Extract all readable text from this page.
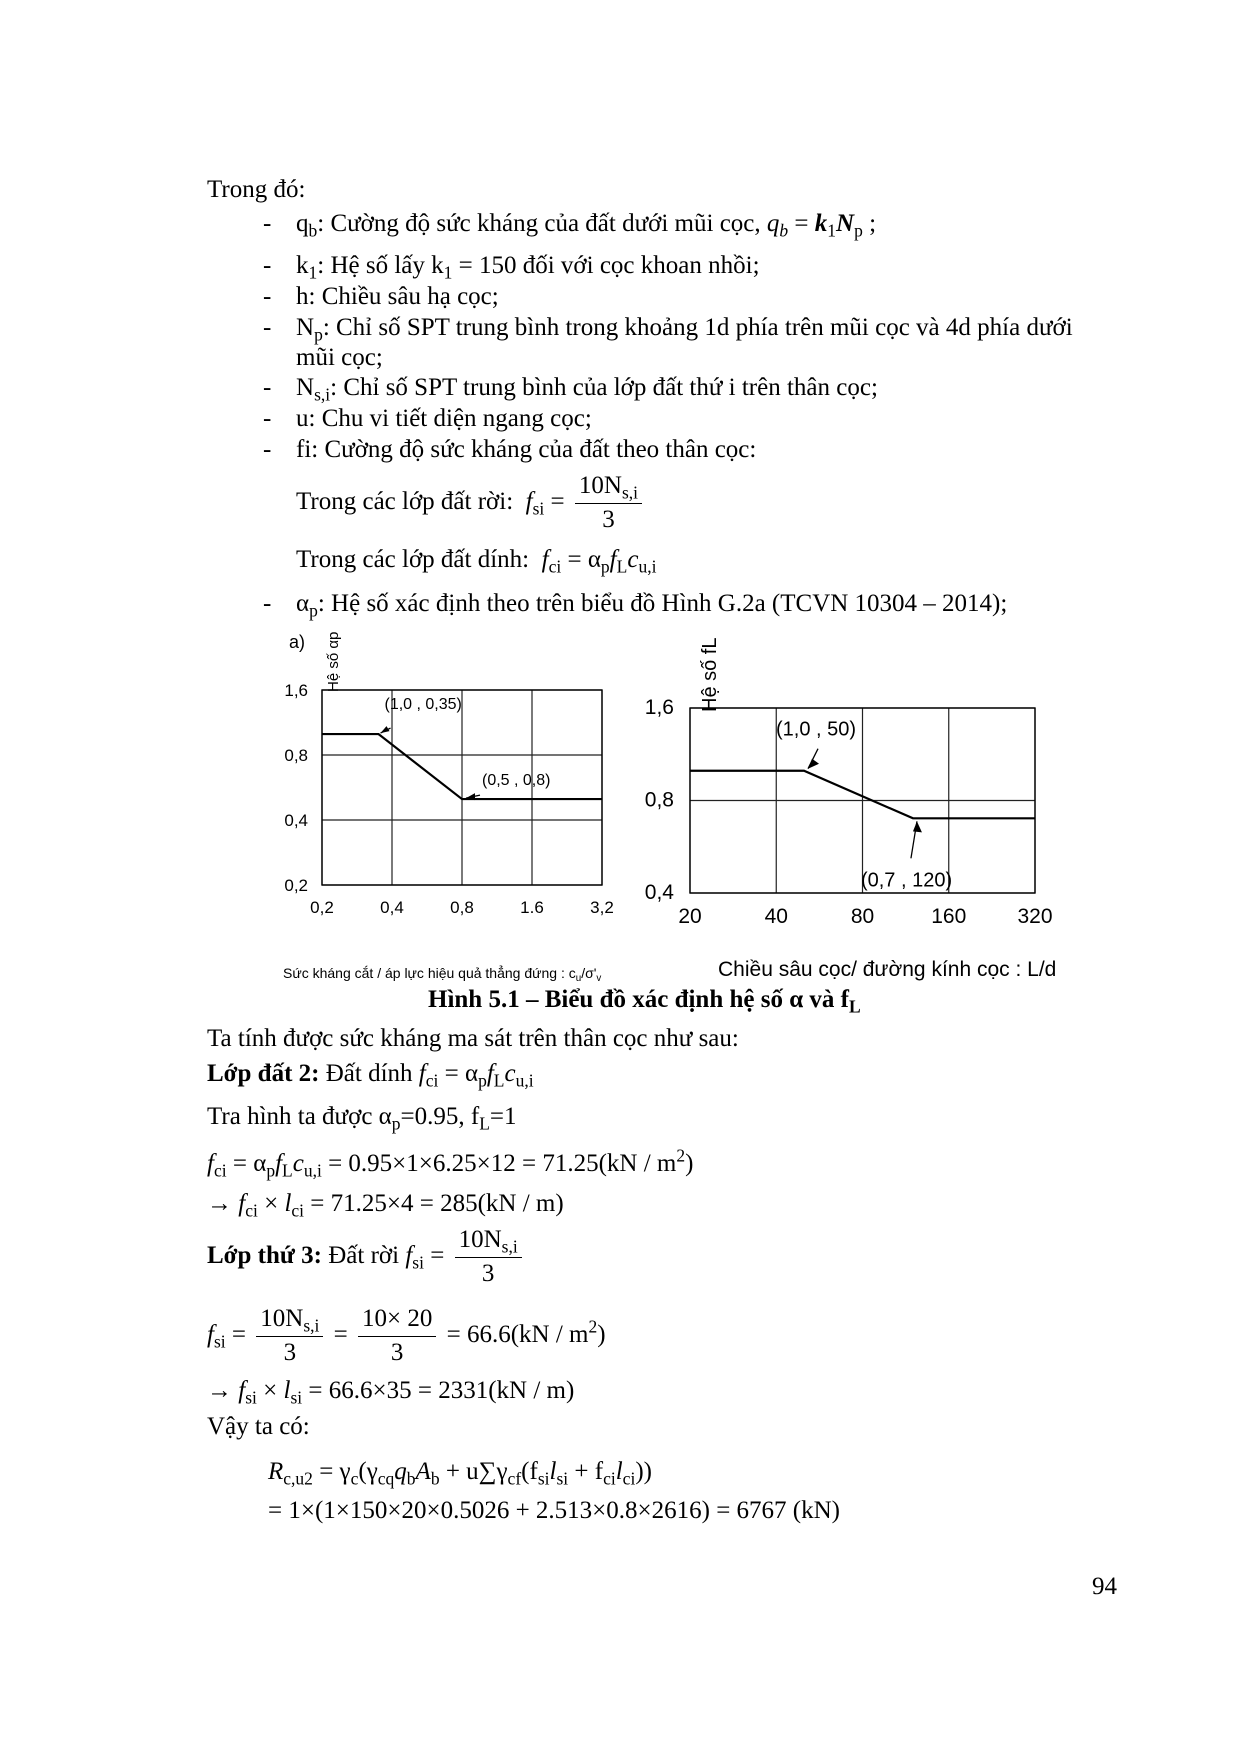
Trong đó:
- $q_b$: Cường độ sức kháng của đất dưới mũi cọc, $q_b = k_1N_p$ ;
- $k_1$: Hệ số lấy $k_1 = 150$ đối với cọc khoan nhồi;
- h: Chiều sâu hạ cọc;
- $N_p$: Chỉ số SPT trung bình trong khoảng 1d phía trên mũi cọc và 4d phía dưới
mũi cọc;
- $N_{s,i}$: Chỉ số SPT trung bình của lớp đất thứ i trên thân cọc;
- u: Chu vi tiết diện ngang cọc;
- fi: Cường độ sức kháng của đất theo thân cọc:
Trong các lớp đất rời: $f_{si} = \frac{10N_{s,i}}{3}$
Trong các lớp đất dính: $f_{ci} = \alpha_pf_Lc_{u,i}$
- $\alpha_p$: Hệ số xác định theo trên biểu đồ Hình G.2a (TCVN 10304 – 2014);
0,2	0,4	0,8	1.6	3,2
0,2
0,4
0,8
1,6 Hệ số αp
(1,0 , 0,35)
(0,5 , 0,8)
20	40	80	160 320
0,4
0,8
1,6 Hệ số fL
(1,0 , 50)
(0,7 , 120)
a)
Sức kháng cắt / áp lực hiệu quả thẳng đứng : $c_u/\sigma'_v$	Chiều sâu cọc/ đường kính cọc : L/d
Hình 5.1 – Biểu đồ xác định hệ số α và $f_L$
Ta tính được sức kháng ma sát trên thân cọc như sau:
Lớp đất 2: Đất dính $f_{ci} = \alpha_pf_Lc_{u,i}$
Tra hình ta được $\alpha_p=0.95$, $f_L=1$
$f_{ci} = \alpha_pf_Lc_{u,i} = 0.95\times 1\times 6.25\times 12 = 71.25(kN / m^2)$
→ $f_{ci} \times l_{ci} = 71.25\times 4 = 285(kN / m)$
Lớp thứ 3: Đất rời $f_{si} = \frac{10N_{s,i}}{3}$
$f_{si} = \frac{10N_{s,i}}{3} = \frac{10\times 20}{3} = 66.6(kN / m^2)$
→ $f_{si} \times l_{si} = 66.6\times 35 = 2331(kN / m)$
Vậy ta có:
$R_{c,u2} = \gamma_c(\gamma_{cq}q_bA_b + u\sum\gamma_{cf}(f_{si}l_{si} + f_{ci}l_{ci}))$
= 1×(1×150×20×0.5026 + 2.513×0.8×2616) = 6767 (kN)
94
